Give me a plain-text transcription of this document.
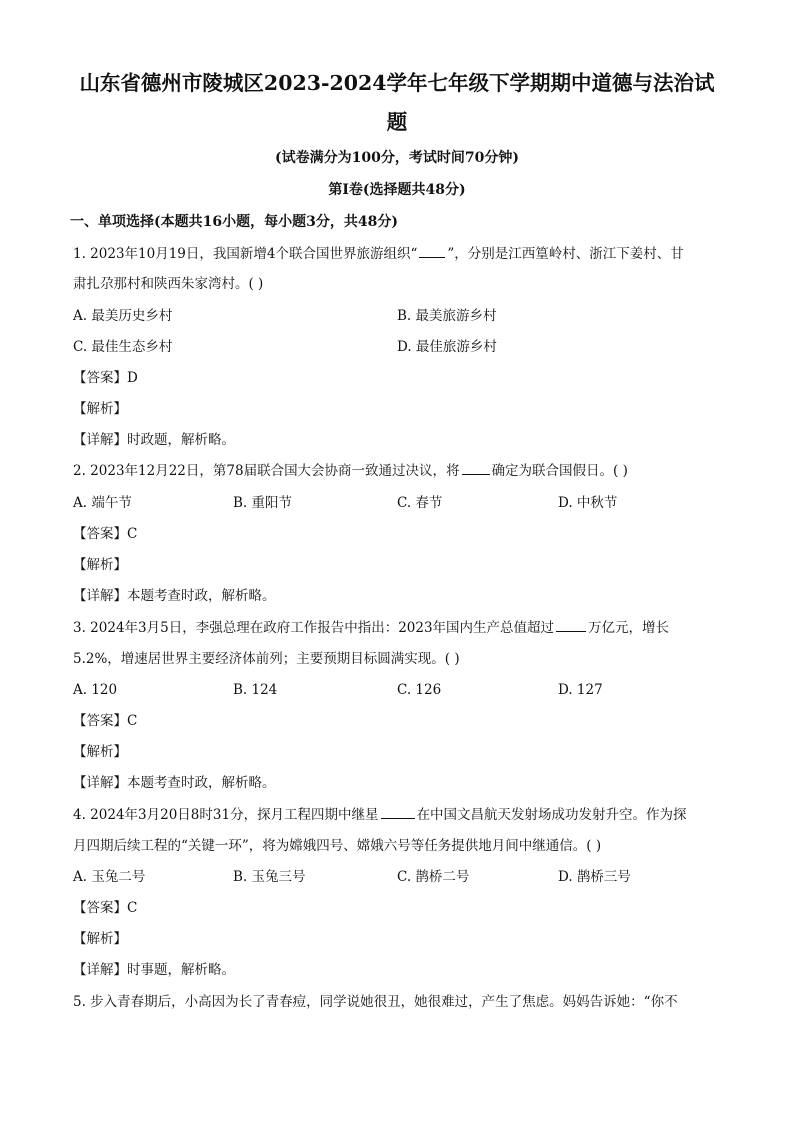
山东省德州市陵城区2023-2024学年七年级下学期期中道德与法治试
题
(试卷满分为100分，考试时间70分钟)
第Ⅰ卷(选择题共48分)
一、单项选择(本题共16小题，每小题3分，共48分)
1. 2023年10月19日，我国新增4个联合国世界旅游组织“ ”，分别是江西篁岭村、浙江下姜村、甘
肃扎尕那村和陕西朱家湾村。( )
A. 最美历史乡村	B. 最美旅游乡村
C. 最佳生态乡村	D. 最佳旅游乡村
【答案】D
【解析】
【详解】时政题，解析略。
2. 2023年12月22日，第78届联合国大会协商一致通过决议，将 确定为联合国假日。( )
A. 端午节	B. 重阳节	C. 春节	D. 中秋节
【答案】C
【解析】
【详解】本题考查时政，解析略。
3. 2024年3月5日，李强总理在政府工作报告中指出：2023年国内生产总值超过	万亿元，增长
5.2%，增速居世界主要经济体前列；主要预期目标圆满实现。( )
A. 120	B. 124	C. 126	D. 127
【答案】C
【解析】
【详解】本题考查时政，解析略。
4. 2024年3月20日8时31分，探月工程四期中继星	在中国文昌航天发射场成功发射升空。作为探
月四期后续工程的“关键一环”，将为嫦娥四号、嫦娥六号等任务提供地月间中继通信。( )
A. 玉兔二号	B. 玉兔三号	C. 鹊桥二号	D. 鹊桥三号
【答案】C
【解析】
【详解】时事题，解析略。
5. 步入青春期后，小高因为长了青春痘，同学说她很丑，她很难过，产生了焦虑。妈妈告诉她：“你不
